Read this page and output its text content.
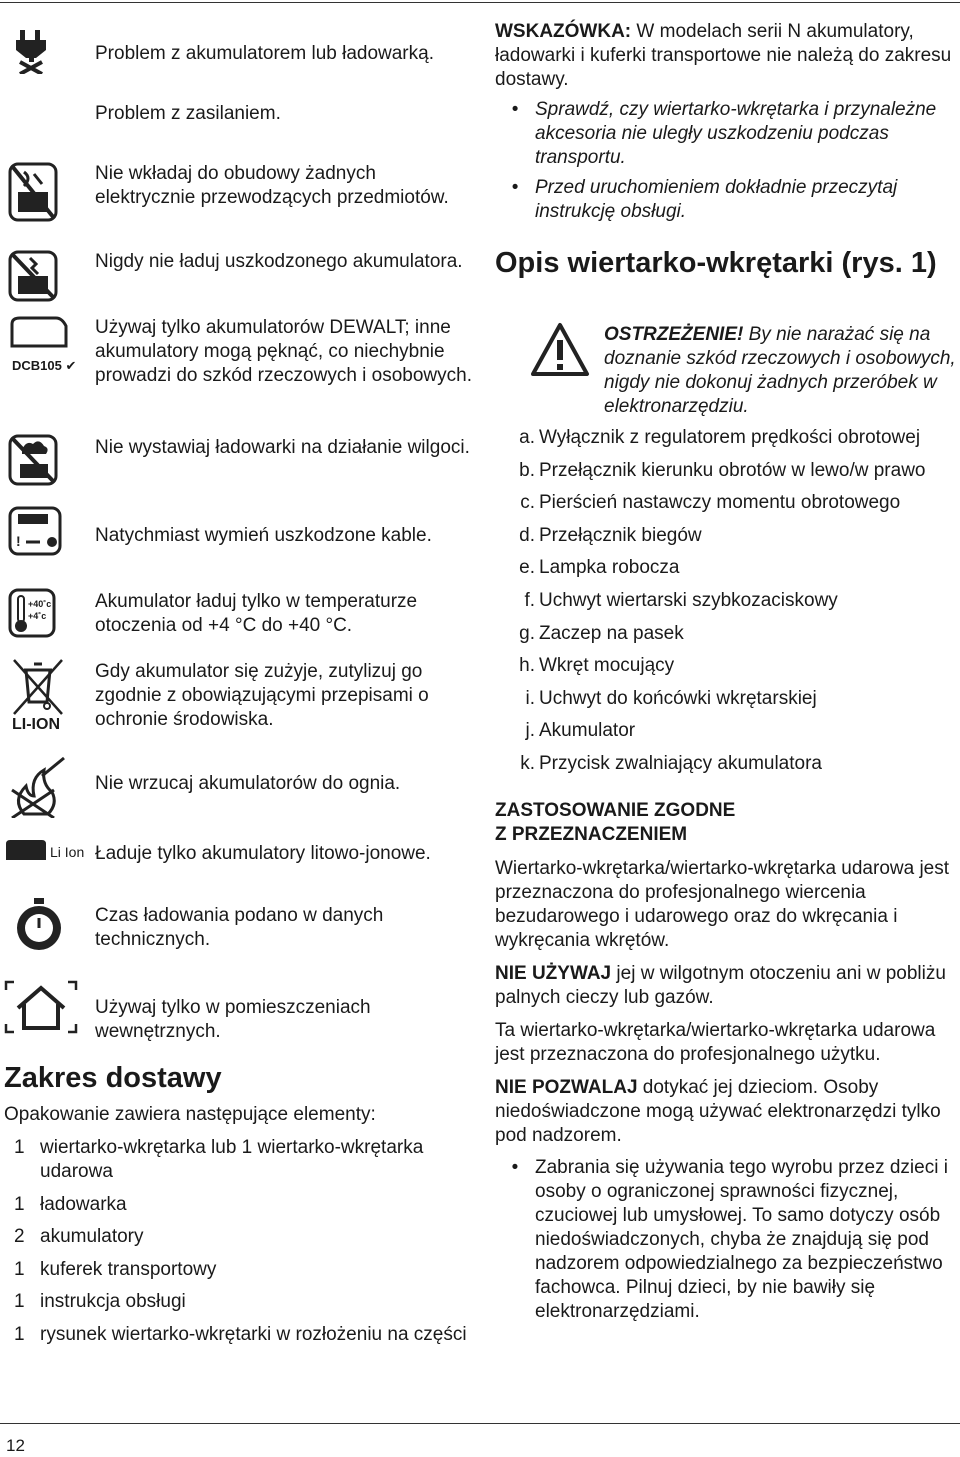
Problem z akumulatorem lub ładowarką.
Problem z zasilaniem.
Nie wkładaj do obudowy żadnych elektrycznie przewodzących przedmiotów.
Nigdy nie ładuj uszkodzonego akumulatora.
DCB105 ✔
Używaj tylko akumulatorów DEWALT; inne akumulatory mogą pęknąć, co niechybnie prowadzi do szkód rzeczowych i osobowych.
Nie wystawiaj ładowarki na działanie wilgoci.
!	Natychmiast wymień uszkodzone kable.
+40˚c +4˚c
Akumulator ładuj tylko w temperaturze otoczenia od +4 °C do +40 °C.
LI-ION
Gdy akumulator się zużyje, zutylizuj go zgodnie z obowiązującymi przepisami o ochronie środowiska.
Nie wrzucaj akumulatorów do ognia.
Li Ion Ładuje tylko akumulatory litowo-jonowe.
Czas ładowania podano w danych technicznych.
Używaj tylko w pomieszczeniach wewnętrznych.
Zakres dostawy
Opakowanie zawiera następujące elementy:
1 wiertarko-wkrętarka lub 1 wiertarko-wkrętarka udarowa
1 ładowarka
2 akumulatory
1 kuferek transportowy
1 instrukcja obsługi
1 rysunek wiertarko-wkrętarki w rozłożeniu na części
WSKAZÓWKA: W modelach serii N akumulatory, ładowarki i kuferki transportowe nie należą do zakresu dostawy.
• Sprawdź, czy wiertarko-wkrętarka i przynależne akcesoria nie uległy uszkodzeniu podczas transportu.
• Przed uruchomieniem dokładnie przeczytaj instrukcję obsługi.
Opis wiertarko-wkrętarki (rys. 1)
OSTRZEŻENIE! By nie narażać się na doznanie szkód rzeczowych i osobowych, nigdy nie dokonuj żadnych przeróbek w elektronarzędziu.
a. Wyłącznik z regulatorem prędkości obrotowej
b. Przełącznik kierunku obrotów w lewo/w prawo
c. Pierścień nastawczy momentu obrotowego
d. Przełącznik biegów
e. Lampka robocza
f. Uchwyt wiertarski szybkozaciskowy
g. Zaczep na pasek
h. Wkręt mocujący
i. Uchwyt do końcówki wkrętarskiej
j. Akumulator
k. Przycisk zwalniający akumulatora
ZASTOSOWANIE ZGODNE
Z PRZEZNACZENIEM
Wiertarko-wkrętarka/wiertarko-wkrętarka udarowa jest przeznaczona do profesjonalnego wiercenia bezudarowego i udarowego oraz do wkręcania i wykręcania wkrętów.
NIE UŻYWAJ jej w wilgotnym otoczeniu ani w pobliżu palnych cieczy lub gazów.
Ta wiertarko-wkrętarka/wiertarko-wkrętarka udarowa jest przeznaczona do profesjonalnego użytku.
NIE POZWALAJ dotykać jej dzieciom. Osoby niedoświadczone mogą używać elektronarzędzi tylko pod nadzorem.
• Zabrania się używania tego wyrobu przez dzieci i osoby o ograniczonej sprawności fizycznej, czuciowej lub umysłowej. To samo dotyczy osób niedoświadczonych, chyba że znajdują się pod nadzorem odpowiedzialnego za bezpieczeństwo fachowca. Pilnuj dzieci, by nie bawiły się elektronarzędziami.
12
